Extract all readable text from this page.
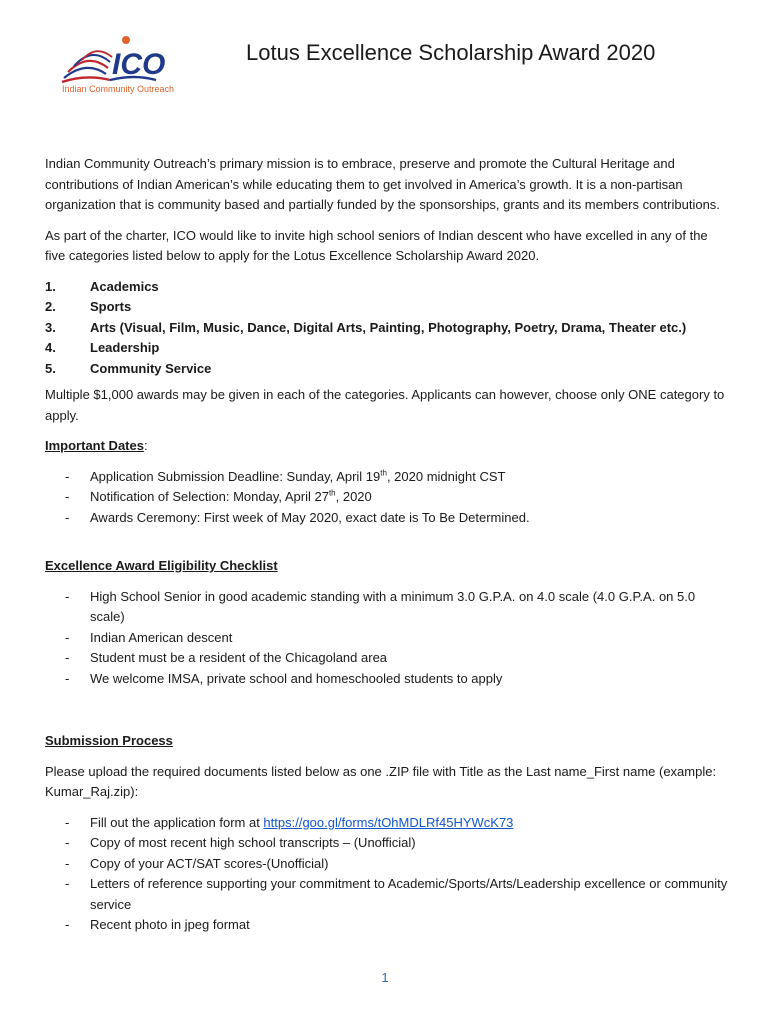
ICO
Indian Community Outreach
Lotus Excellence Scholarship Award 2020

Indian Community Outreach’s primary mission is to embrace, preserve and promote the Cultural Heritage and contributions of Indian American’s while educating them to get involved in America’s growth. It is a non-partisan organization that is community based and partially funded by the sponsorships, grants and its members contributions.

As part of the charter, ICO would like to invite high school seniors of Indian descent who have excelled in any of the five categories listed below to apply for the Lotus Excellence Scholarship Award 2020.

1.	Academics
2.	Sports
3.	Arts (Visual, Film, Music, Dance, Digital Arts, Painting, Photography, Poetry, Drama, Theater etc.)
4.	Leadership
5.	Community Service

Multiple $1,000 awards may be given in each of the categories. Applicants can however, choose only ONE category to apply.

Important Dates:

-	Application Submission Deadline: Sunday, April 19th, 2020 midnight CST
-	Notification of Selection: Monday, April 27th, 2020
-	Awards Ceremony: First week of May 2020, exact date is To Be Determined.

Excellence Award Eligibility Checklist

-	High School Senior in good academic standing with a minimum 3.0 G.P.A. on 4.0 scale (4.0 G.P.A. on 5.0 scale)
-	Indian American descent
-	Student must be a resident of the Chicagoland area
-	We welcome IMSA, private school and homeschooled students to apply

Submission Process

Please upload the required documents listed below as one .ZIP file with Title as the Last name_First name (example: Kumar_Raj.zip):

-	Fill out the application form at https://goo.gl/forms/tOhMDLRf45HYWcK73
-	Copy of most recent high school transcripts – (Unofficial)
-	Copy of your ACT/SAT scores-(Unofficial)
-	Letters of reference supporting your commitment to Academic/Sports/Arts/Leadership excellence or community service
-	Recent photo in jpeg format
1
